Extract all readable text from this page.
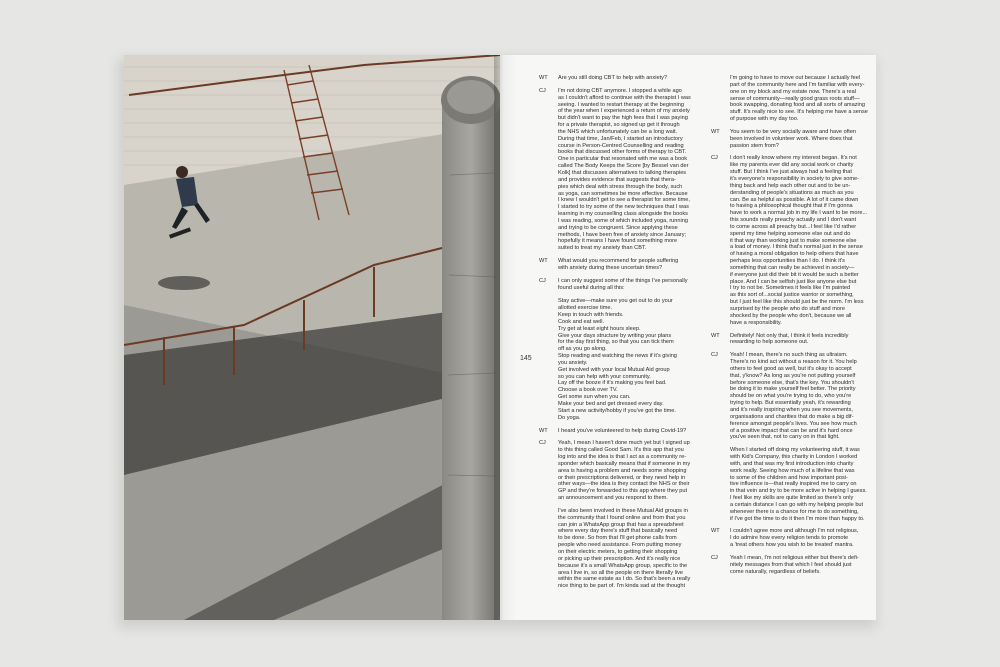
145
WT	Are you still doing CBT to help with anxiety?
CJ	I'm not doing CBT anymore. I stopped a while ago
as I couldn't afford to continue with the therapist I was
seeing. I wanted to restart therapy at the beginning
of the year when I experienced a return of my anxiety
but didn't want to pay the high fees that I was paying
for a private therapist, so signed up get it through
the NHS which unfortunately can be a long wait.
During that time, Jan/Feb, I started an introductory
course in Person-Centred Counselling and reading
books that discussed other forms of therapy to CBT.
One in particular that resonated with me was a book
called The Body Keeps the Score [by Bessel van der
Kolk] that discusses alternatives to talking therapies
and provides evidence that suggests that thera-
pies which deal with stress through the body, such
as yoga, can sometimes be more effective. Because
I knew I wouldn't get to see a therapist for some time,
I started to try some of the new techniques that I was
learning in my counselling class alongside the books
I was reading, some of which included yoga, running
and trying to be congruent. Since applying these
methods, I have been free of anxiety since January;
hopefully it means I have found something more
suited to treat my anxiety than CBT.
WT	What would you recommend for people suffering
with anxiety during these uncertain times?
CJ	I can only suggest some of the things I've personally
found useful during all this:

Stay active—make sure you get out to do your
allotted exercise time.
Keep in touch with friends.
Cook and eat well.
Try get at least eight hours sleep.
Give your days structure by writing your plans
for the day first thing, so that you can tick them
off as you go along.
Stop reading and watching the news if it's giving
you anxiety.
Get involved with your local Mutual Aid group
so you can help with your community.
Lay off the booze if it's making you feel bad.
Choose a book over TV.
Get some sun when you can.
Make your bed and get dressed every day.
Start a new activity/hobby if you've got the time.
Do yoga.
WT	I heard you've volunteered to help during Covid-19?
CJ	Yeah, I mean I haven't done much yet but I signed up
to this thing called Good Sam. It's this app that you
log into and the idea is that I act as a community re-
sponder which basically means that if someone in my
area is having a problem and needs some shopping
or their prescriptions delivered, or they need help in
other ways—the idea is they contact the NHS or their
GP and they're forwarded to this app where they put
an announcement and you respond to them.
I've also been involved in these Mutual Aid groups in
the community that I found online and from that you
can join a WhatsApp group that has a spreadsheet
where every day there's stuff that basically need
to be done. So from that I'll get phone calls from
people who need assistance. From putting money
on their electric meters, to getting their shopping
or picking up their prescription. And it's really nice
because it's a small WhatsApp group, specific to the
area I live in, so all the people on there literally live
within the same estate as I do. So that's been a really
nice thing to be part of. I'm kinda sad at the thought
I'm going to have to move out because I actually feel
part of the community here and I'm familiar with every-
one on my block and my estate now. There's a real
sense of community—really good grass roots stuff—
book swapping, donating food and all sorts of amazing
stuff. It's really nice to see. It's helping me have a sense
of purpose with my day too.
WT	You seem to be very socially aware and have often
been involved in volunteer work. Where does that
passion stem from?
CJ	I don't really know where my interest began. It's not
like my parents ever did any social work or charity
stuff. But I think I've just always had a feeling that
it's everyone's responsibility in society to give some-
thing back and help each other out and to be un-
derstanding of people's situations as much as you
can. Be as helpful as possible. A lot of it came down
to having a philosophical thought that if I'm gonna
have to work a normal job in my life I want to be more...
this sounds really preachy actually and I don't want
to come across all preachy but...I feel like I'd rather
spend my time helping someone else out and do
it that way than working just to make someone else
a load of money. I think that's normal just in the sense
of having a moral obligation to help others that have
perhaps less opportunities than I do. I think it's
something that can really be achieved in society—
if everyone just did their bit it would be such a better
place. And I can be selfish just like anyone else but
I try to not be. Sometimes it feels like I'm painted
as this sort of...social justice warrior or something,
but I just feel like this should just be the norm. I'm less
surprised by the people who do stuff and more
shocked by the people who don't, because we all
have a responsibility.
WT	Definitely! Not only that, I think it feels incredibly
rewarding to help someone out.
CJ	Yeah! I mean, there's no such thing as ultraism.
There's no kind act without a reason for it. You help
others to feel good as well, but it's okay to accept
that, y'know? As long as you're not putting yourself
before someone else, that's the key. You shouldn't
be doing it to make yourself feel better. The priority
should be on what you're trying to do, who you're
trying to help. But essentially yeah, it's rewarding
and it's really inspiring when you see movements,
organisations and charities that do make a big dif-
ference amongst people's lives. You see how much
of a positive impact that can be and it's hard once
you've seen that, not to carry on in that light.
When I started off doing my volunteering stuff, it was
with Kid's Company, this charity in London I worked
with, and that was my first introduction into charity
work really. Seeing how much of a lifeline that was
to some of the children and how important posi-
tive influence is—that really inspired me to carry on
in that vein and try to be more active in helping I guess.
I feel like my skills are quite limited so there's only
a certain distance I can go with my helping people but
whenever there is a chance for me to do something,
if I've got the time to do it then I'm more than happy to.
WT	I couldn't agree more and although I'm not religious,
I do admire how every religion tends to promote
a 'treat others how you wish to be treated' mantra.
CJ	Yeah I mean, I'm not religious either but there's defi-
nitely messages from that which I feel should just
come naturally, regardless of beliefs.
